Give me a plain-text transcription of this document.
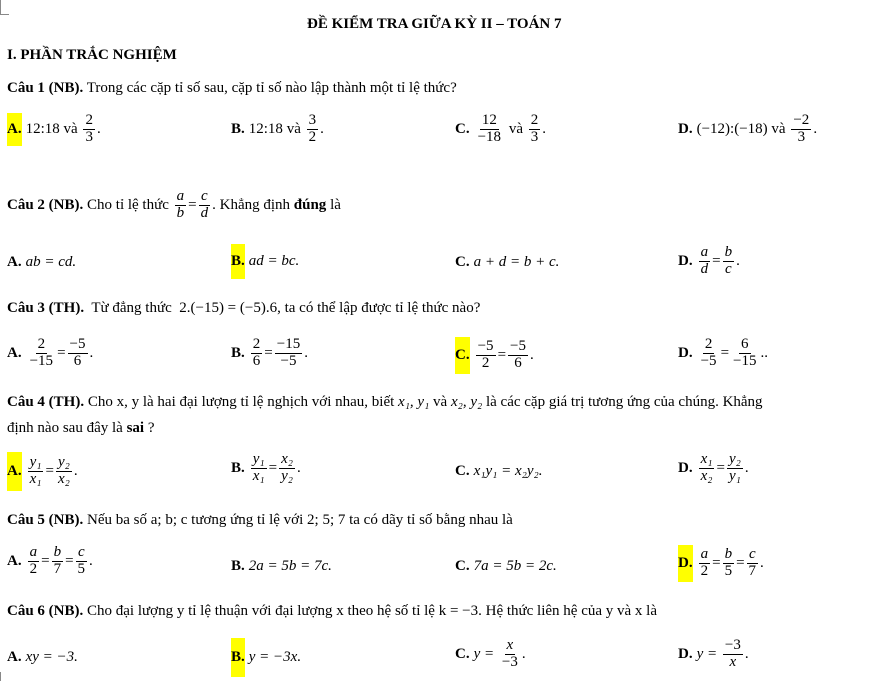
ĐỀ KIỂM TRA GIỮA KỲ II – TOÁN 7
I. PHẦN TRẮC NGHIỆM
Câu 1 (NB). Trong các cặp tỉ số sau, cặp tỉ số nào lập thành một tỉ lệ thức?
A. 12:18
và
$\frac{2}{3}$ .	B. 12:18
và
$\frac{3}{2}$ .	C. $\frac{12}{-18}$
và
$\frac{2}{3}$ .	D. (−12):(−18)
và
$\frac{-2}{3}$ .
Câu 2 (NB).
Cho tỉ lệ thức
$\frac{a}{b} = \frac{c}{d}$ . Khẳng định
đúng
là
A. ab = cd.	B. ad = bc.	C. a + d = b + c.	D. $\frac{a}{d} = \frac{b}{c}$ .
Câu 3 (TH). Từ đẳng thức 2.(−15) = (−5).6, ta có thể lập được tỉ lệ thức nào?
A. $\frac{2}{-15} = \frac{-5}{6}$ .	B. $\frac{2}{6} = \frac{-15}{-5}$ .	C. $\frac{-5}{2} = \frac{-5}{6}$ .	D. $\frac{2}{-5} = \frac{6}{-15}$ ..
Câu 4 (TH). Cho x, y là hai đại lượng tỉ lệ nghịch với nhau, biết x₁, y₁ và x₂, y₂ là các cặp giá trị tương ứng của chúng. Khẳng
định nào sau đây là sai ?
A. $\frac{\text{y₁}}{\text{x₁}} = \frac{\text{y₂}}{\text{x₂}}$ .	B. $\frac{\text{y₁}}{\text{x₁}} = \frac{\text{x₂}}{\text{y₂}}$ .	C. x₁y₁ = x₂y₂.	D. $\frac{\text{x₁}}{\text{x₂}} = \frac{\text{y₂}}{\text{y₁}}$ .
Câu 5 (NB). Nếu ba số a; b; c tương ứng tỉ lệ với 2; 5; 7 ta có dãy tỉ số bằng nhau là
A. $\frac{a}{2} = \frac{b}{7} = \frac{c}{5}$ .	B. 2a = 5b = 7c.	C. 7a = 5b = 2c.	D. $\frac{a}{2} = \frac{b}{5} = \frac{c}{7}$ .
Câu 6 (NB). Cho đại lượng y tỉ lệ thuận với đại lượng x theo hệ số tỉ lệ k = −3. Hệ thức liên hệ của y và x là
A. xy = −3.	B. y = −3x.	C. y =
$\frac{x}{-3}$ .	D. y =
$\frac{-3}{x}$ .
